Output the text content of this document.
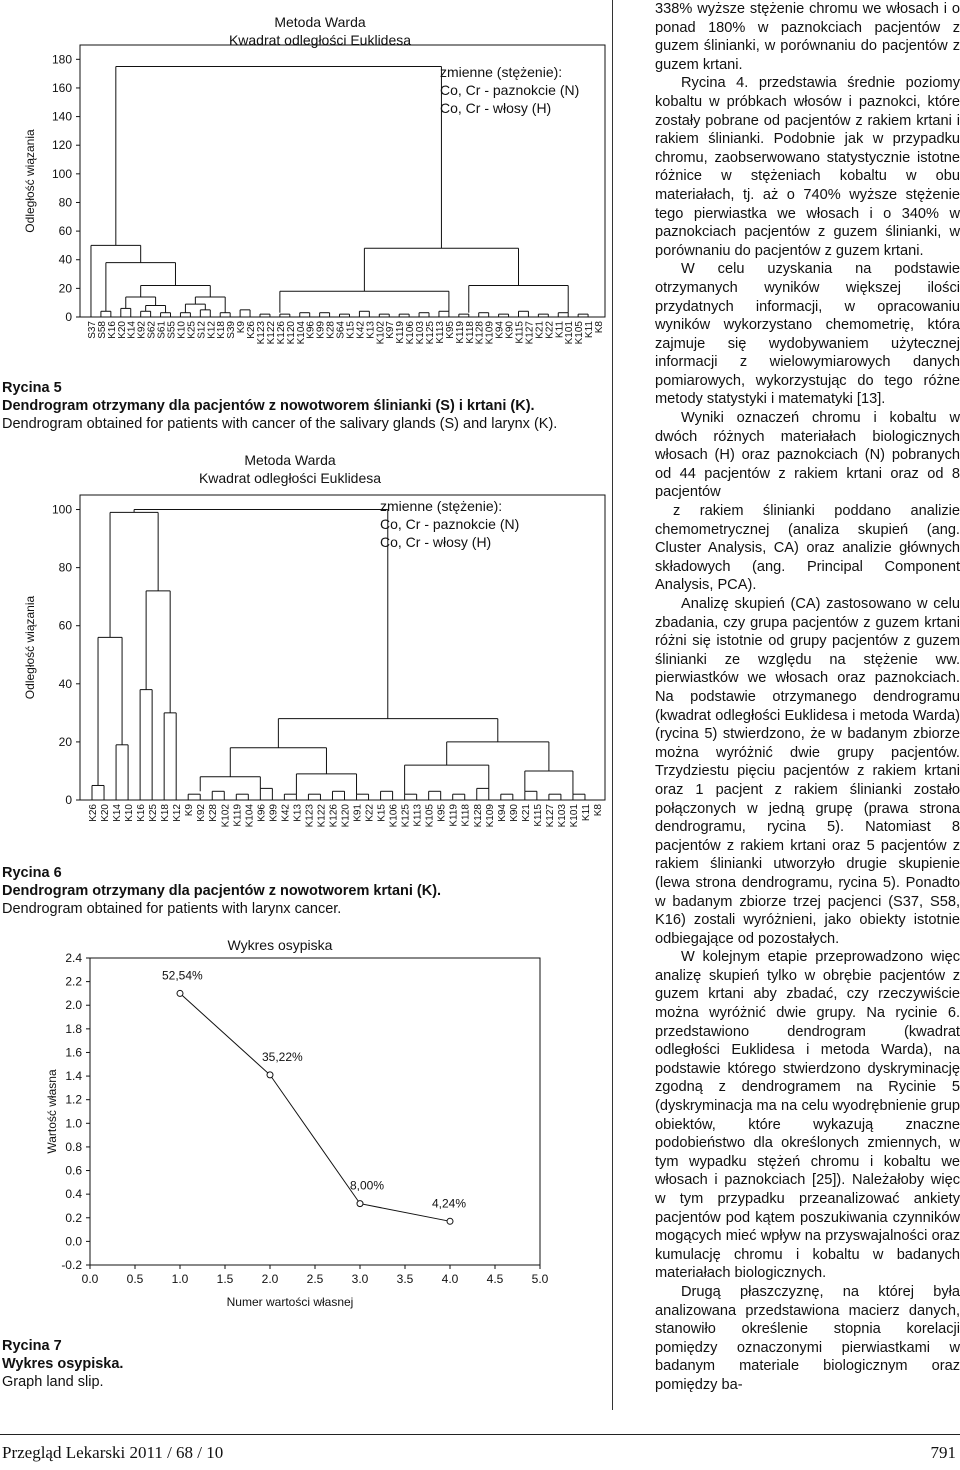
Metoda Warda
Kwadrat odległości Euklidesa
zmienne (stężenie):
Co, Cr - paznokcie (N)
Co, Cr - włosy (H)
Odległość wiązania
0
20
40
60
80
100
120
140
160
180
S37
S58
K16
K20
K14
K92
S62
S61
S55
K10
K25
S12
K12
K18
S39
K9
K26
K123
K122
K126
K120
K104
K96
K99
K28
S64
K15
K42
K13
K102
K97
K119
K106
K103
K125
K113
K95
K119
K118
K128
K109
K94
K90
K115
K127
K21
K22
K11
K101
K105
K11
K8
Rycina 5
Dendrogram otrzymany dla pacjentów z nowotworem ślinianki (S) i krtani (K).
Dendrogram obtained for patients with cancer of the salivary glands (S) and larynx (K).
Metoda Warda
Kwadrat odległości Euklidesa
zmienne (stężenie):
Co, Cr - paznokcie (N)
Co, Cr - włosy (H)
Odległość wiązania
0
20
40
60
80
100
K26 K20 K14 K10 K16 K25 K18 K12 K9 K92 K28 K102 K119 K104 K96 K99 K42 K13 K123 K122 K126 K120 K91 K22 K15 K106 K125 K113 K105 K95 K119 K118 K128 K109 K94 K90 K21 K115 K127 K103 K101 K11 K8
Rycina 6
Dendrogram otrzymany dla pacjentów z nowotworem krtani (K).
Dendrogram obtained for patients with larynx cancer.
Wykres osypiska
Numer wartości własnej
Wartość własna
-0.2
0.0
0.2
0.4
0.6
0.8
1.0
1.2
1.4
1.6
1.8
2.0
2.2
2.4
0.0 0.5 1.0 1.5 2.0 2.5 3.0 3.5 4.0 4.5 5.0
52,54%
35,22%
8,00%
4,24%
Rycina 7
Wykres osypiska.
Graph land slip.

338% wyższe stężenie chromu we włosach i o ponad 180% w paznokciach pacjentów z guzem ślinianki, w porównaniu do pacjentów z guzem krtani.

Rycina 4. przedstawia średnie poziomy kobaltu w próbkach włosów i paznokci, które zostały pobrane od pacjentów z rakiem krtani i rakiem ślinianki. Podobnie jak w przypadku chromu, zaobserwowano statystycznie istotne różnice w stężeniach kobaltu w obu materiałach, tj. aż o 740% wyższe stężenie tego pierwiastka we włosach i o 340% w paznokciach pacjentów z guzem ślinianki, w porównaniu do pacjentów z guzem krtani.

W celu uzyskania na podstawie otrzymanych wyników większej ilości przydatnych informacji, w opracowaniu wyników wykorzystano chemometrię, która zajmuje się wydobywaniem użytecznej informacji z wielowymiarowych danych pomiarowych, wykorzystując do tego różne metody statystyki i matematyki [13].

Wyniki oznaczeń chromu i kobaltu w dwóch różnych materiałach biologicznych włosach (H) oraz paznokciach (N) pobranych od 44 pacjentów z rakiem krtani oraz od 8 pacjentów

z rakiem ślinianki poddano analizie chemometrycznej (analiza skupień (ang. Cluster Analysis, CA) oraz analizie głównych składowych (ang. Principal Component Analysis, PCA).

Analizę skupień (CA) zastosowano w celu zbadania, czy grupa pacjentów z guzem krtani różni się istotnie od grupy pacjentów z guzem ślinianki ze względu na stężenie ww. pierwiastków we włosach oraz paznokciach. Na podstawie otrzymanego dendrogramu (kwadrat odległości Euklidesa i metoda Warda) (rycina 5) stwierdzono, że w badanym zbiorze można wyróżnić dwie grupy pacjentów. Trzydziestu pięciu pacjentów z rakiem krtani oraz 1 pacjent z rakiem ślinianki zostało połączonych w jedną grupę (prawa strona dendrogramu, rycina 5). Natomiast 8 pacjentów z rakiem krtani oraz 5 pacjentów z rakiem ślinianki utworzyło drugie skupienie (lewa strona dendrogramu, rycina 5). Ponadto w badanym zbiorze trzej pacjenci (S37, S58, K16) zostali wyróżnieni, jako obiekty istotnie odbiegające od pozostałych.

W kolejnym etapie przeprowadzono więc analizę skupień tylko w obrębie pacjentów z guzem krtani aby zbadać, czy rzeczywiście można wyróżnić dwie grupy. Na rycinie 6. przedstawiono dendrogram (kwadrat odległości Euklidesa i metoda Warda), na podstawie którego stwierdzono dyskryminację zgodną z dendrogramem na Rycinie 5 (dyskryminacja ma na celu wyodrębnienie grup obiektów, które wykazują znaczne podobieństwo dla określonych zmiennych, w tym wypadku stężeń chromu i kobaltu we włosach i paznokciach [25]). Należałoby więc w tym przypadku przeanalizować ankiety pacjentów pod kątem poszukiwania czynników mogących mieć wpływ na przyswajalności oraz kumulację chromu i kobaltu w badanych materiałach biologicznych.

Drugą płaszczyznę, na której była analizowana przedstawiona macierz danych, stanowiło określenie stopnia korelacji pomiędzy oznaczonymi pierwiastkami w badanym materiale biologicznym oraz pomiędzy ba-

Przegląd Lekarski 2011 / 68 / 10	791
